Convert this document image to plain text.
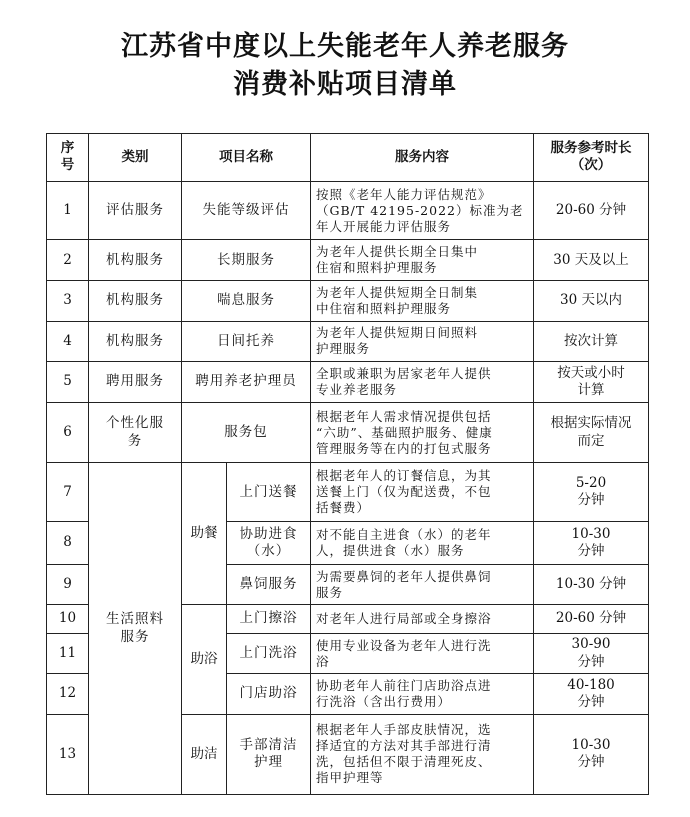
江苏省中度以上失能老年人养老服务
消费补贴项目清单
序
号	类别	项目名称		服务内容	服务参考时长
（次）
1	评估服务	失能等级评估		按照《老年人能力评估规范》
（GB/T 42195-2022）标准为老
年人开展能力评估服务	20-60 分钟
2	机构服务	长期服务		为老年人提供长期全日集中
住宿和照料护理服务	30 天及以上
3	机构服务	喘息服务		为老年人提供短期全日制集
中住宿和照料护理服务	30 天以内
4	机构服务	日间托养		为老年人提供短期日间照料
护理服务	按次计算
5	聘用服务	聘用养老护理员		全职或兼职为居家老年人提供
专业养老服务	按天或小时
计算
6	个性化服
务	服务包		根据老年人需求情况提供包括
“六助”、基础照护服务、健康
管理服务等在内的打包式服务	根据实际情况
而定
7	生活照料
服务	助餐	上门送餐	根据老年人的订餐信息，为其
送餐上门（仅为配送费，不包
括餐费）	5-20
分钟
8			协助进食
（水）	对不能自主进食（水）的老年
人，提供进食（水）服务	10-30
分钟
9			鼻饲服务	为需要鼻饲的老年人提供鼻饲
服务	10-30 分钟
10		助浴	上门擦浴	对老年人进行局部或全身擦浴	20-60 分钟
11			上门洗浴	使用专业设备为老年人进行洗
浴	30-90
分钟
12			门店助浴	协助老年人前往门店助浴点进
行洗浴（含出行费用）	40-180
分钟
13		助洁	手部清洁
护理	根据老年人手部皮肤情况，选
择适宜的方法对其手部进行清
洗，包括但不限于清理死皮、
指甲护理等	10-30
分钟
